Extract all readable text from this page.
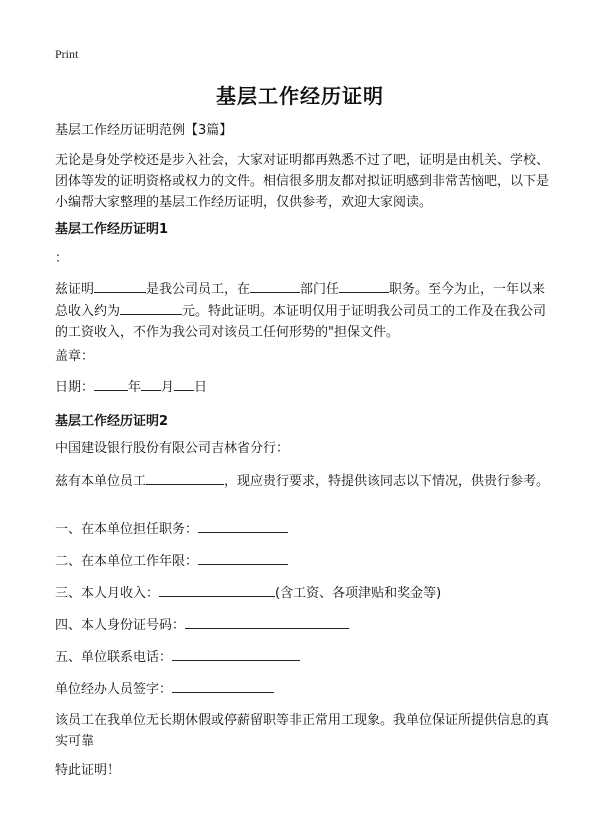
Print
基层工作经历证明
基层工作经历证明范例【3篇】
无论是身处学校还是步入社会，大家对证明都再熟悉不过了吧，证明是由机关、学校、团体等发的证明资格或权力的文件。相信很多朋友都对拟证明感到非常苦恼吧，以下是小编帮大家整理的基层工作经历证明，仅供参考，欢迎大家阅读。
基层工作经历证明1
：
兹证明	是我公司员工，在	部门任	职务。至今为止，一年以来总收入约为	元。特此证明。本证明仅用于证明我公司员工的工作及在我公司的工资收入，不作为我公司对该员工任何形势的"担保文件。
盖章：
日期：	年 月 日
基层工作经历证明2
中国建设银行股份有限公司吉林省分行：
兹有本单位员工	，现应贵行要求，特提供该同志以下情况，供贵行参考。
一、在本单位担任职务：
二、在本单位工作年限：
三、本人月收入：	(含工资、各项津贴和奖金等)
四、本人身份证号码：
五、单位联系电话：
单位经办人员签字：
该员工在我单位无长期休假或停薪留职等非正常用工现象。我单位保证所提供信息的真实可靠
特此证明！
